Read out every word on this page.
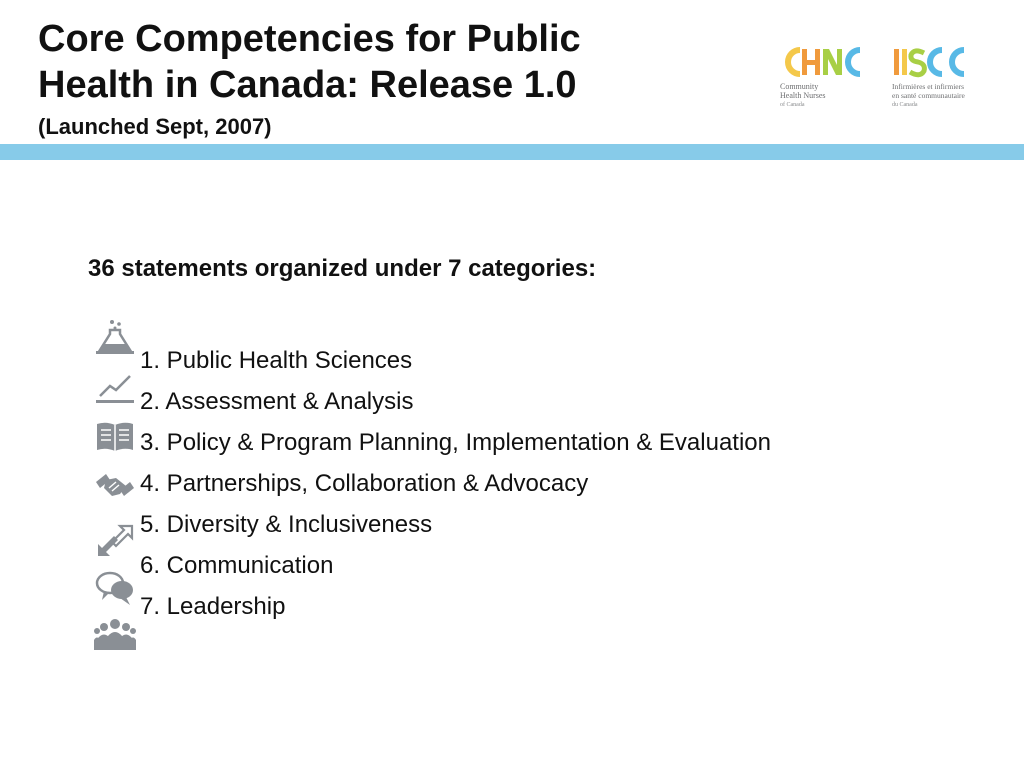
Core Competencies for Public
Health in Canada: Release 1.0
(Launched Sept, 2007)
Community
Health Nurses
of Canada
Infirmières et infirmiers
en santé communautaire
du Canada
36 statements organized under 7 categories:
1. Public Health Sciences
2. Assessment & Analysis
3. Policy & Program Planning, Implementation & Evaluation
4. Partnerships, Collaboration & Advocacy
5. Diversity & Inclusiveness
6. Communication
7. Leadership
